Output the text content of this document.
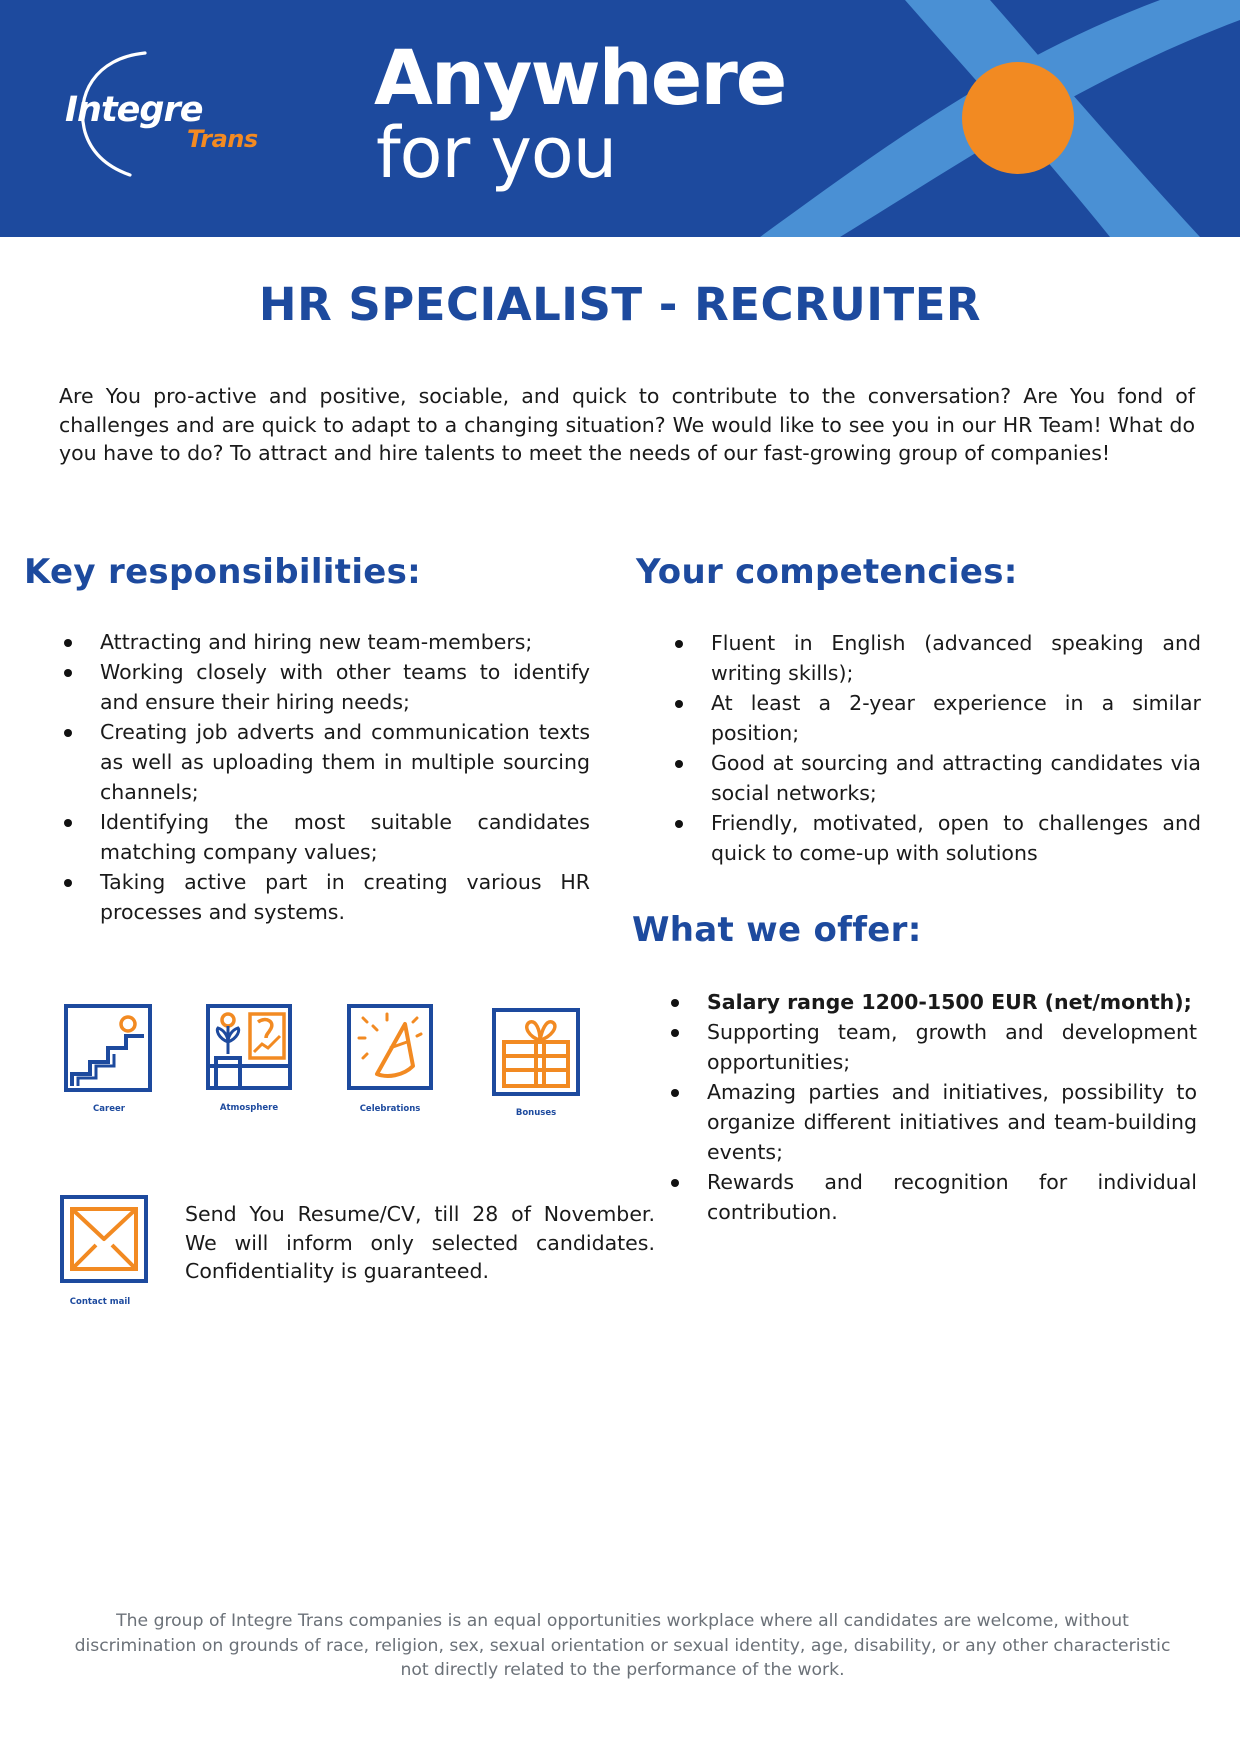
Integre
Trans
Anywhere
for you
HR SPECIALIST - RECRUITER

Are You pro-active and positive, sociable, and quick to contribute to the conversation? Are You fond of challenges and are quick to adapt to a changing situation? We would like to see you in our HR Team! What do you have to do? To attract and hire talents to meet the needs of our fast-growing group of companies!

Key responsibilities:
Attracting and hiring new team-members;
Working closely with other teams to identify and ensure their hiring needs;
Creating job adverts and communication texts as well as uploading them in multiple sourcing channels;
Identifying the most suitable candidates matching company values;
Taking active part in creating various HR processes and systems.
Your competencies:
Fluent in English (advanced speaking and writing skills);
At least a 2-year experience in a similar position;
Good at sourcing and attracting candidates via social networks;
Friendly, motivated, open to challenges and quick to come-up with solutions
What we offer:
Salary range 1200-1500 EUR (net/month);
Supporting team, growth and development opportunities;
Amazing parties and initiatives, possibility to organize different initiatives and team-building events;
Rewards and recognition for individual contribution.
Career	Atmosphere	Celebrations	Bonuses
Contact mail

Send You Resume/CV, till 28 of November. We will inform only selected candidates. Confidentiality is guaranteed.

The group of Integre Trans companies is an equal opportunities workplace where all candidates are welcome, without discrimination on grounds of race, religion, sex, sexual orientation or sexual identity, age, disability, or any other characteristic not directly related to the performance of the work.
